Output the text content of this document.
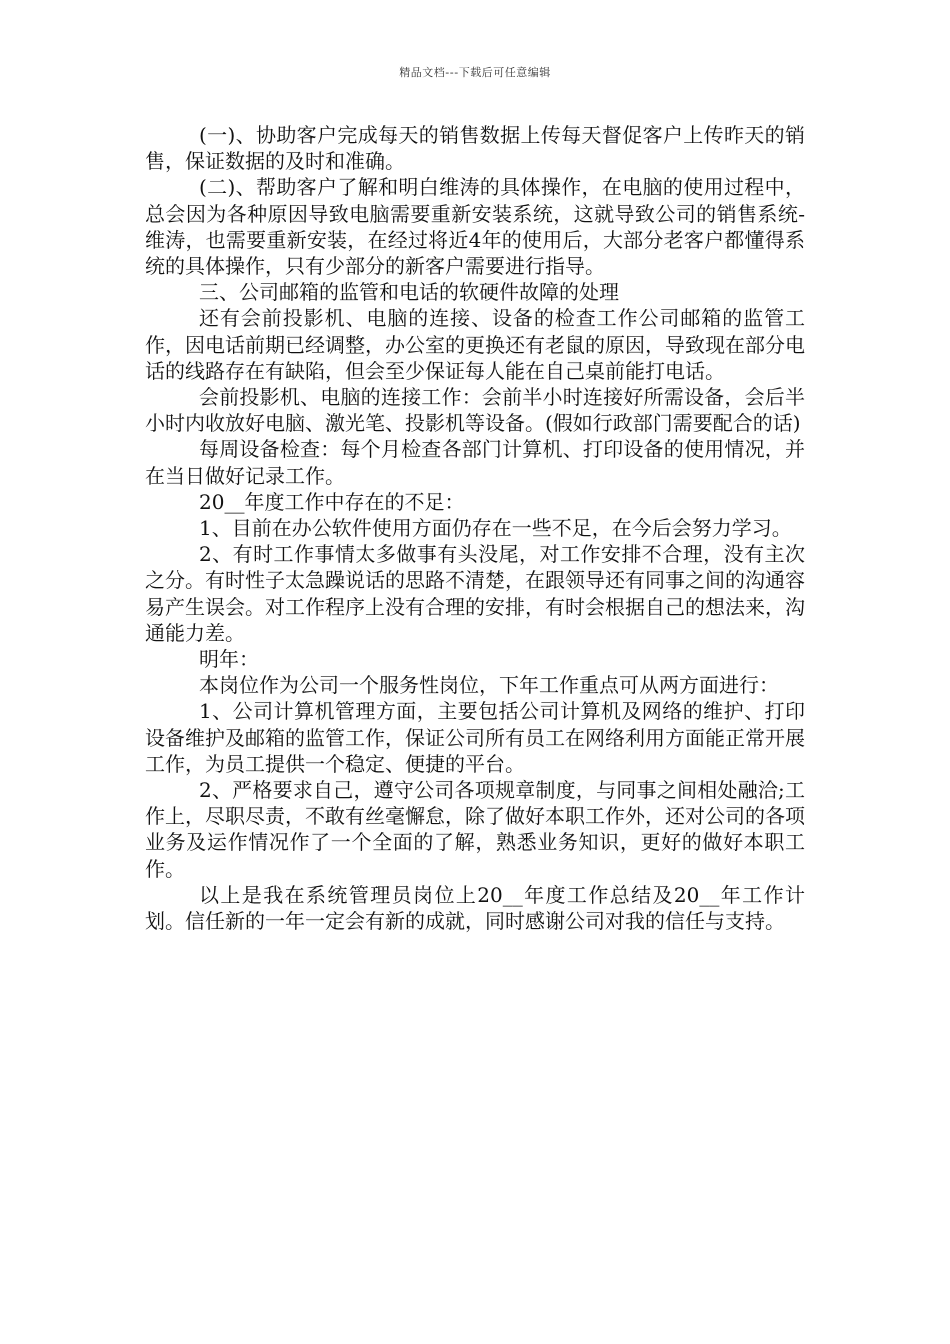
精品文档---下载后可任意编辑

(一)、协助客户完成每天的销售数据上传每天督促客户上传昨天的销售，保证数据的及时和准确。

(二)、帮助客户了解和明白维涛的具体操作，在电脑的使用过程中，总会因为各种原因导致电脑需要重新安装系统，这就导致公司的销售系统-维涛，也需要重新安装，在经过将近4年的使用后，大部分老客户都懂得系统的具体操作，只有少部分的新客户需要进行指导。

三、公司邮箱的监管和电话的软硬件故障的处理

还有会前投影机、电脑的连接、设备的检查工作公司邮箱的监管工作，因电话前期已经调整，办公室的更换还有老鼠的原因，导致现在部分电话的线路存在有缺陷，但会至少保证每人能在自己桌前能打电话。

会前投影机、电脑的连接工作：会前半小时连接好所需设备，会后半小时内收放好电脑、激光笔、投影机等设备。(假如行政部门需要配合的话)

每周设备检查：每个月检查各部门计算机、打印设备的使用情况，并在当日做好记录工作。

20__年度工作中存在的不足：

1、目前在办公软件使用方面仍存在一些不足，在今后会努力学习。

2、有时工作事情太多做事有头没尾，对工作安排不合理，没有主次之分。有时性子太急躁说话的思路不清楚，在跟领导还有同事之间的沟通容易产生误会。对工作程序上没有合理的安排，有时会根据自己的想法来，沟通能力差。

明年：

本岗位作为公司一个服务性岗位，下年工作重点可从两方面进行：

1、公司计算机管理方面，主要包括公司计算机及网络的维护、打印设备维护及邮箱的监管工作，保证公司所有员工在网络利用方面能正常开展工作，为员工提供一个稳定、便捷的平台。

2、严格要求自己，遵守公司各项规章制度，与同事之间相处融洽;工作上，尽职尽责，不敢有丝毫懈怠，除了做好本职工作外，还对公司的各项业务及运作情况作了一个全面的了解，熟悉业务知识，更好的做好本职工作。

以上是我在系统管理员岗位上20__年度工作总结及20__年工作计划。信任新的一年一定会有新的成就，同时感谢公司对我的信任与支持。
